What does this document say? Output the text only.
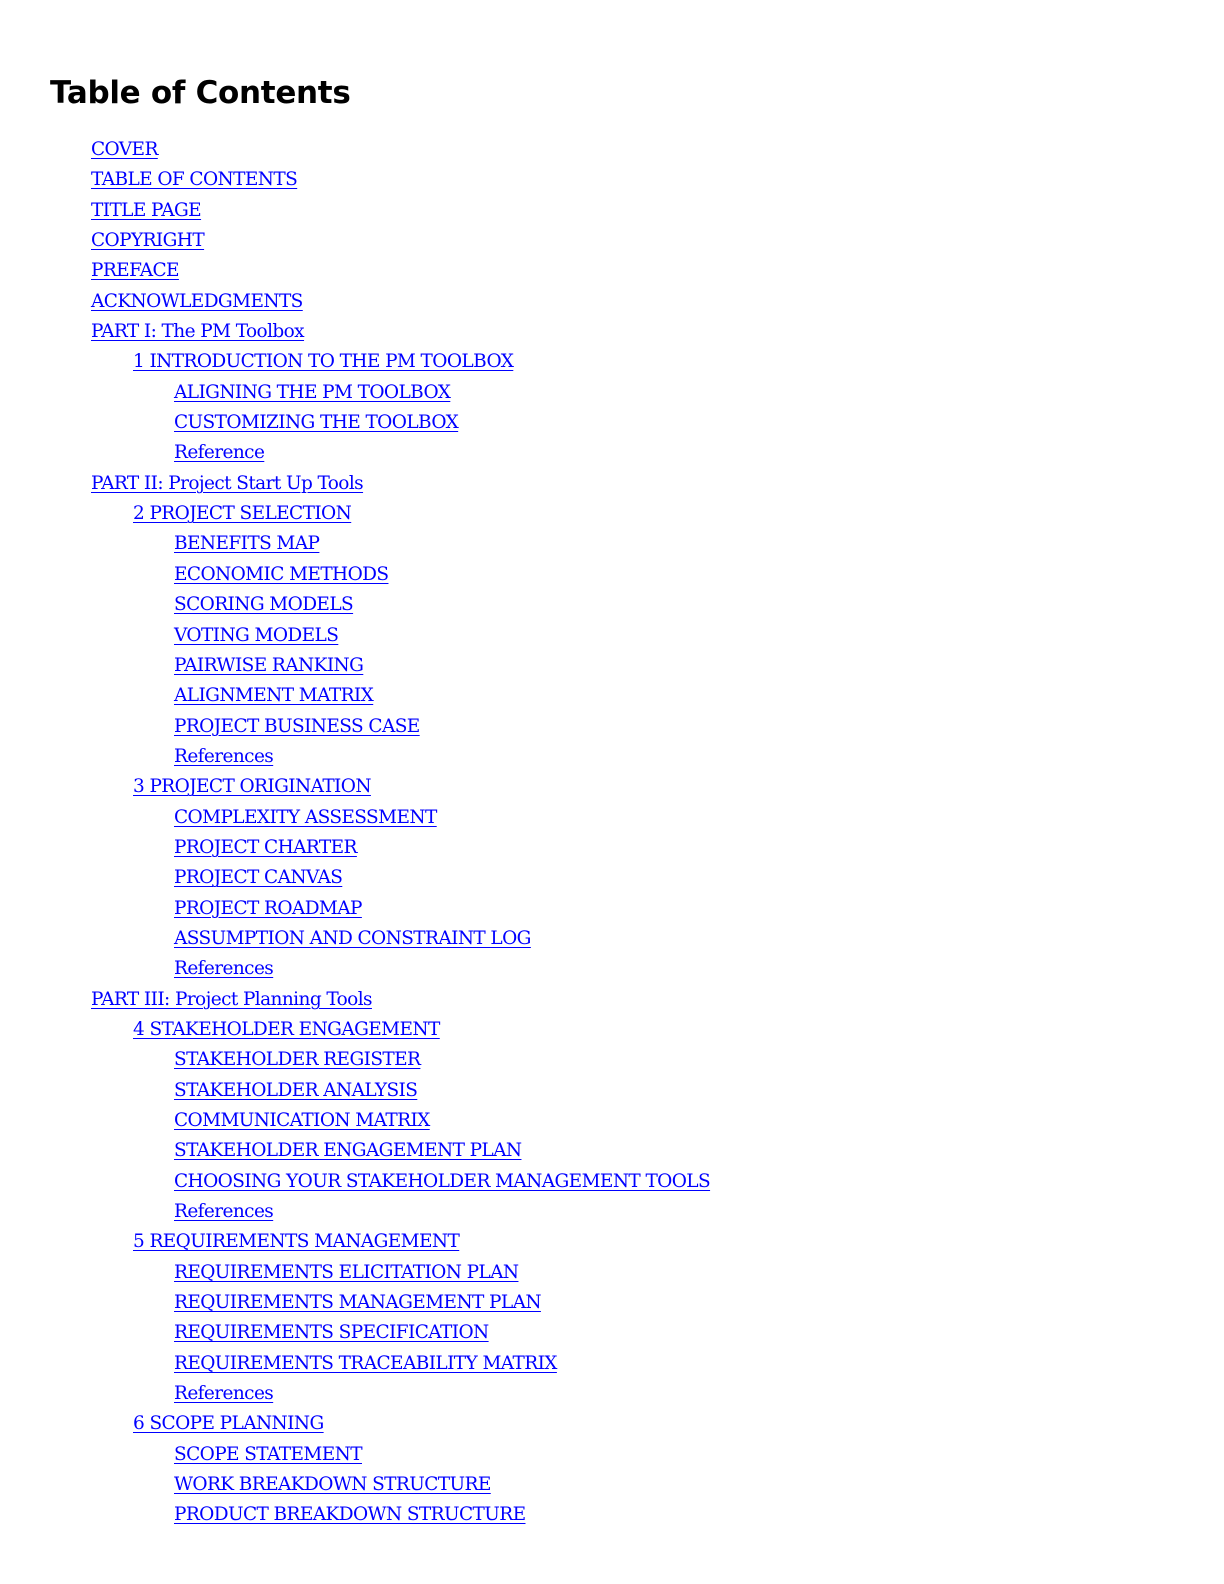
Table of Contents
COVER
TABLE OF CONTENTS
TITLE PAGE
COPYRIGHT
PREFACE
ACKNOWLEDGMENTS
PART I: The PM Toolbox
1 INTRODUCTION TO THE PM TOOLBOX
ALIGNING THE PM TOOLBOX
CUSTOMIZING THE TOOLBOX
Reference
PART II: Project Start Up Tools
2 PROJECT SELECTION
BENEFITS MAP
ECONOMIC METHODS
SCORING MODELS
VOTING MODELS
PAIRWISE RANKING
ALIGNMENT MATRIX
PROJECT BUSINESS CASE
References
3 PROJECT ORIGINATION
COMPLEXITY ASSESSMENT
PROJECT CHARTER
PROJECT CANVAS
PROJECT ROADMAP
ASSUMPTION AND CONSTRAINT LOG
References
PART III: Project Planning Tools
4 STAKEHOLDER ENGAGEMENT
STAKEHOLDER REGISTER
STAKEHOLDER ANALYSIS
COMMUNICATION MATRIX
STAKEHOLDER ENGAGEMENT PLAN
CHOOSING YOUR STAKEHOLDER MANAGEMENT TOOLS
References
5 REQUIREMENTS MANAGEMENT
REQUIREMENTS ELICITATION PLAN
REQUIREMENTS MANAGEMENT PLAN
REQUIREMENTS SPECIFICATION
REQUIREMENTS TRACEABILITY MATRIX
References
6 SCOPE PLANNING
SCOPE STATEMENT
WORK BREAKDOWN STRUCTURE
PRODUCT BREAKDOWN STRUCTURE
